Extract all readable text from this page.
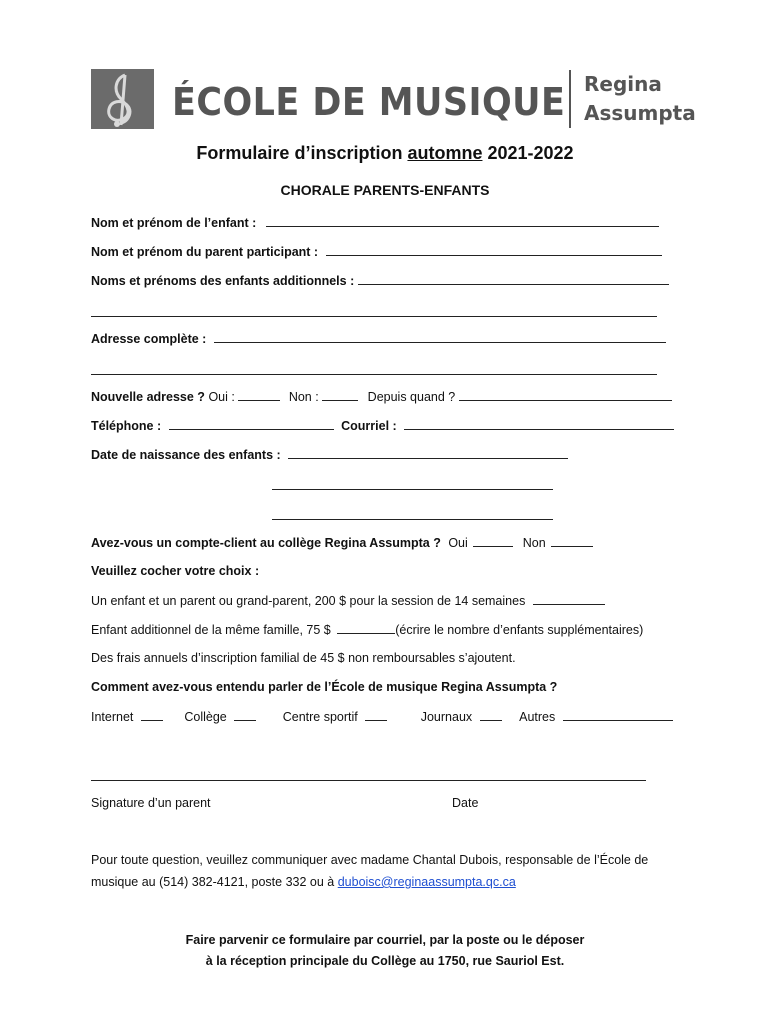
ÉCOLE DE MUSIQUE Regina
Assumpta
Formulaire d’inscription automne 2021-2022
CHORALE PARENTS-ENFANTS
Nom et prénom de l’enfant :
Nom et prénom du parent participant :
Noms et prénoms des enfants additionnels :
Adresse complète :
Nouvelle adresse ? Oui :	Non :	Depuis quand ?
Téléphone :	Courriel :
Date de naissance des enfants :
Avez-vous un compte-client au collège Regina Assumpta ? Oui	Non
Veuillez cocher votre choix :
Un enfant et un parent ou grand-parent, 200 $ pour la session de 14 semaines
Enfant additionnel de la même famille, 75 $	(écrire le nombre d’enfants supplémentaires)
Des frais annuels d’inscription familial de 45 $ non remboursables s’ajoutent.
Comment avez-vous entendu parler de l’École de musique Regina Assumpta ?
Internet	Collège	Centre sportif	Journaux	Autres
Signature d’un parent	Date
Pour toute question, veuillez communiquer avec madame Chantal Dubois, responsable de l’École de
musique au (514) 382-4121, poste 332 ou à duboisc@reginaassumpta.qc.ca
Faire parvenir ce formulaire par courriel, par la poste ou le déposer
à la réception principale du Collège au 1750, rue Sauriol Est.
